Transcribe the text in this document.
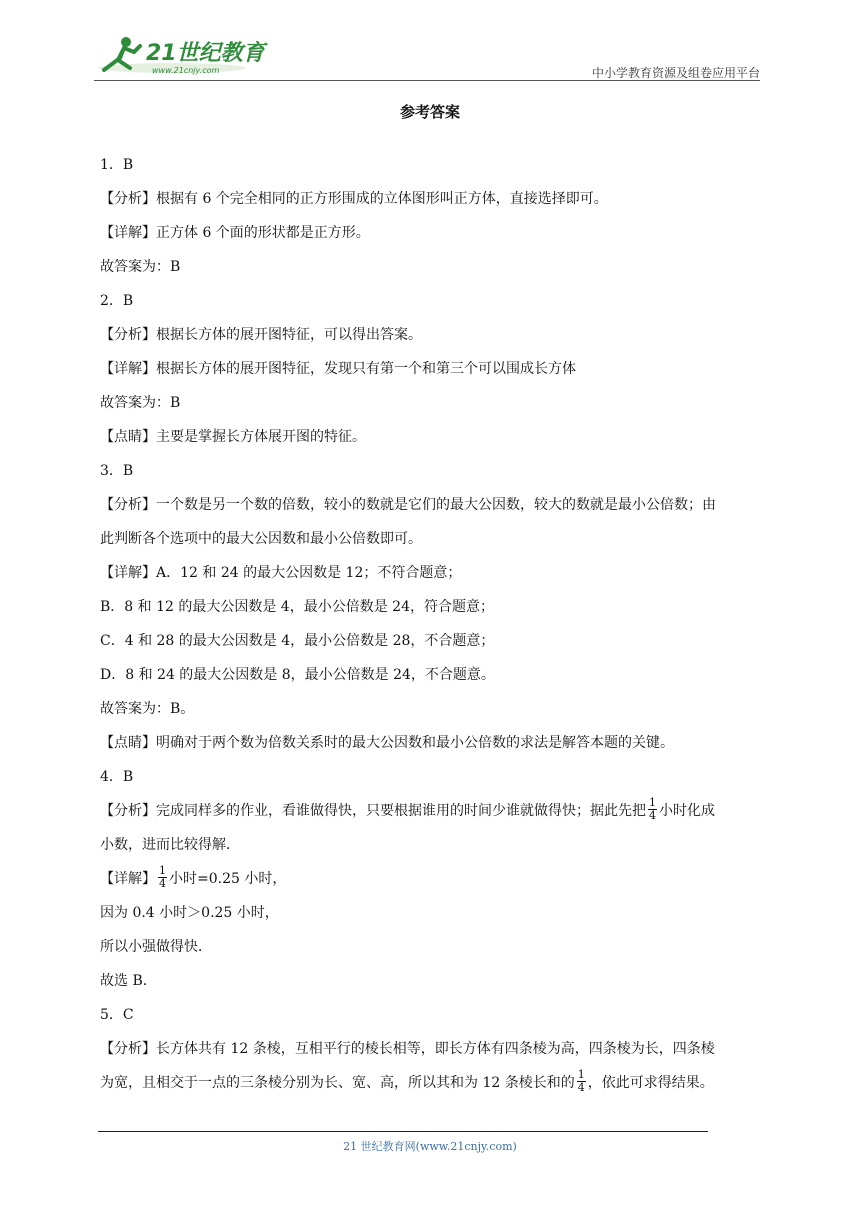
21世纪教育
www.21cnjy.com	中小学教育资源及组卷应用平台
参考答案
1．B
【分析】根据有 6 个完全相同的正方形围成的立体图形叫正方体，直接选择即可。
【详解】正方体 6 个面的形状都是正方形。
故答案为：B
2．B
【分析】根据长方体的展开图特征，可以得出答案。
【详解】根据长方体的展开图特征，发现只有第一个和第三个可以围成长方体
故答案为：B
【点睛】主要是掌握长方体展开图的特征。
3．B
【分析】一个数是另一个数的倍数，较小的数就是它们的最大公因数，较大的数就是最小公倍数；由
此判断各个选项中的最大公因数和最小公倍数即可。
【详解】A．12 和 24 的最大公因数是 12；不符合题意；
B．8 和 12 的最大公因数是 4，最小公倍数是 24，符合题意；
C．4 和 28 的最大公因数是 4，最小公倍数是 28，不合题意；
D．8 和 24 的最大公因数是 8，最小公倍数是 24，不合题意。
故答案为：B。
【点睛】明确对于两个数为倍数关系时的最大公因数和最小公倍数的求法是解答本题的关键。
4．B
【分析】完成同样多的作业，看谁做得快，只要根据谁用的时间少谁就做得快；据此先把 $\frac{1}{4}$ 小时化成
小数，进而比较得解．
【详解】 $\frac{1}{4}$ 小时=0.25 小时，
因为 0.4 小时＞0.25 小时，
所以小强做得快．
故选 B．
5．C
【分析】长方体共有 12 条棱，互相平行的棱长相等，即长方体有四条棱为高，四条棱为长，四条棱
为宽，且相交于一点的三条棱分别为长、宽、高，所以其和为 12 条棱长和的 $\frac{1}{4}$ ，依此可求得结果。
21 世纪教育网(www.21cnjy.com)
